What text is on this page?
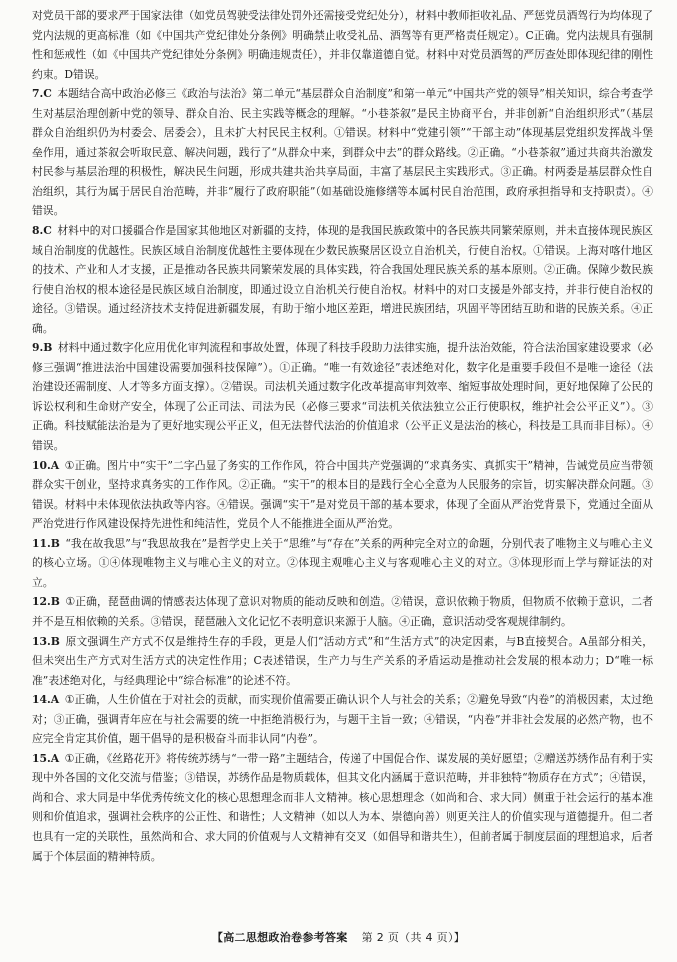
对党员干部的要求严于国家法律（如党员驾驶受法律处罚外还需接受党纪处分），材料中教师拒收礼品、严惩党员酒驾行为均体现了党内法规的更高标准（如《中国共产党纪律处分条例》明确禁止收受礼品、酒驾等有更严格责任规定）。C正确。党内法规具有强制性和惩戒性（如《中国共产党纪律处分条例》明确违规责任），并非仅靠道德自觉。材料中对党员酒驾的严厉查处即体现纪律的刚性约束。D错误。

7.C  本题结合高中政治必修三《政治与法治》第二单元“基层群众自治制度”和第一单元“中国共产党的领导”相关知识，综合考查学生对基层治理创新中党的领导、群众自治、民主实践等概念的理解。“小巷茶叙”是民主协商平台，并非创新“自治组织形式”（基层群众自治组织仍为村委会、居委会），且未扩大村民民主权利。①错误。材料中“党建引领”“干部主动”体现基层党组织发挥战斗堡垒作用，通过茶叙会听取民意、解决问题，践行了“从群众中来，到群众中去”的群众路线。②正确。“小巷茶叙”通过共商共治激发村民参与基层治理的积极性，解决民生问题，形成共建共治共享局面，丰富了基层民主实践形式。③正确。村两委是基层群众性自治组织，其行为属于居民自治范畴，并非“履行了政府职能”（如基础设施修缮等本属村民自治范围，政府承担指导和支持职责）。④错误。

8.C  材料中的对口援疆合作是国家其他地区对新疆的支持，体现的是我国民族政策中的各民族共同繁荣原则，并未直接体现民族区域自治制度的优越性。民族区域自治制度优越性主要体现在少数民族聚居区设立自治机关，行使自治权。①错误。上海对喀什地区的技术、产业和人才支援，正是推动各民族共同繁荣发展的具体实践，符合我国处理民族关系的基本原则。②正确。保障少数民族行使自治权的根本途径是民族区域自治制度，即通过设立自治机关行使自治权。材料中的对口支援是外部支持，并非行使自治权的途径。③错误。通过经济技术支持促进新疆发展，有助于缩小地区差距，增进民族团结，巩固平等团结互助和谐的民族关系。④正确。

9.B  材料中通过数字化应用优化审判流程和事故处置，体现了科技手段助力法律实施，提升法治效能，符合法治国家建设要求（必修三强调“推进法治中国建设需要加强科技保障”）。①正确。“唯一有效途径”表述绝对化，数字化是重要手段但不是唯一途径（法治建设还需制度、人才等多方面支撑）。②错误。司法机关通过数字化改革提高审判效率、缩短事故处理时间，更好地保障了公民的诉讼权利和生命财产安全，体现了公正司法、司法为民（必修三要求“司法机关依法独立公正行使职权，维护社会公平正义”）。③正确。科技赋能法治是为了更好地实现公平正义，但无法替代法治的价值追求（公平正义是法治的核心，科技是工具而非目标）。④错误。

10.A  ①正确。图片中“实干”二字凸显了务实的工作作风，符合中国共产党强调的“求真务实、真抓实干”精神，告诫党员应当带领群众实干创业，坚持求真务实的工作作风。②正确。“实干”的根本目的是践行全心全意为人民服务的宗旨，切实解决群众问题。③错误。材料中未体现依法执政等内容。④错误。强调“实干”是对党员干部的基本要求，体现了全面从严治党背景下，党通过全面从严治党进行作风建设保持先进性和纯洁性，党员个人不能推进全面从严治党。

11.B  “我在故我思”与“我思故我在”是哲学史上关于“思维”与“存在”关系的两种完全对立的命题，分别代表了唯物主义与唯心主义的核心立场。①④体现唯物主义与唯心主义的对立。②体现主观唯心主义与客观唯心主义的对立。③体现形而上学与辩证法的对立。

12.B  ①正确，琵琶曲调的情感表达体现了意识对物质的能动反映和创造。②错误，意识依赖于物质，但物质不依赖于意识，二者并不是互相依赖的关系。③错误，琵琶融入文化记忆不表明意识来源于人脑。④正确，意识活动受客观规律制约。

13.B  原文强调生产方式不仅是维持生存的手段，更是人们“活动方式”和“生活方式”的决定因素，与B直接契合。A虽部分相关，但未突出生产方式对生活方式的决定性作用；C表述错误，生产力与生产关系的矛盾运动是推动社会发展的根本动力；D“唯一标准”表述绝对化，与经典理论中“综合标准”的论述不符。

14.A  ①正确，人生价值在于对社会的贡献，而实现价值需要正确认识个人与社会的关系；②避免导致“内卷”的消极因素，太过绝对；③正确，强调青年应在与社会需要的统一中拒绝消极行为，与题干主旨一致；④错误，“内卷”并非社会发展的必然产物，也不应完全肯定其价值，题干倡导的是积极奋斗而非认同“内卷”。

15.A  ①正确，《丝路花开》将传统苏绣与“一带一路”主题结合，传递了中国促合作、谋发展的美好愿望；②赠送苏绣作品有利于实现中外各国的文化交流与借鉴；③错误，苏绣作品是物质载体，但其文化内涵属于意识范畴，并非独特“物质存在方式”；④错误，尚和合、求大同是中华优秀传统文化的核心思想理念而非人文精神。核心思想理念（如尚和合、求大同）侧重于社会运行的基本准则和价值追求，强调社会秩序的公正性、和谐性；人文精神（如以人为本、崇德向善）则更关注人的价值实现与道德提升。但二者也具有一定的关联性，虽然尚和合、求大同的价值观与人文精神有交叉（如倡导和谐共生），但前者属于制度层面的理想追求，后者属于个体层面的精神特质。

【高二思想政治卷参考答案 第 2 页（共 4 页）】
